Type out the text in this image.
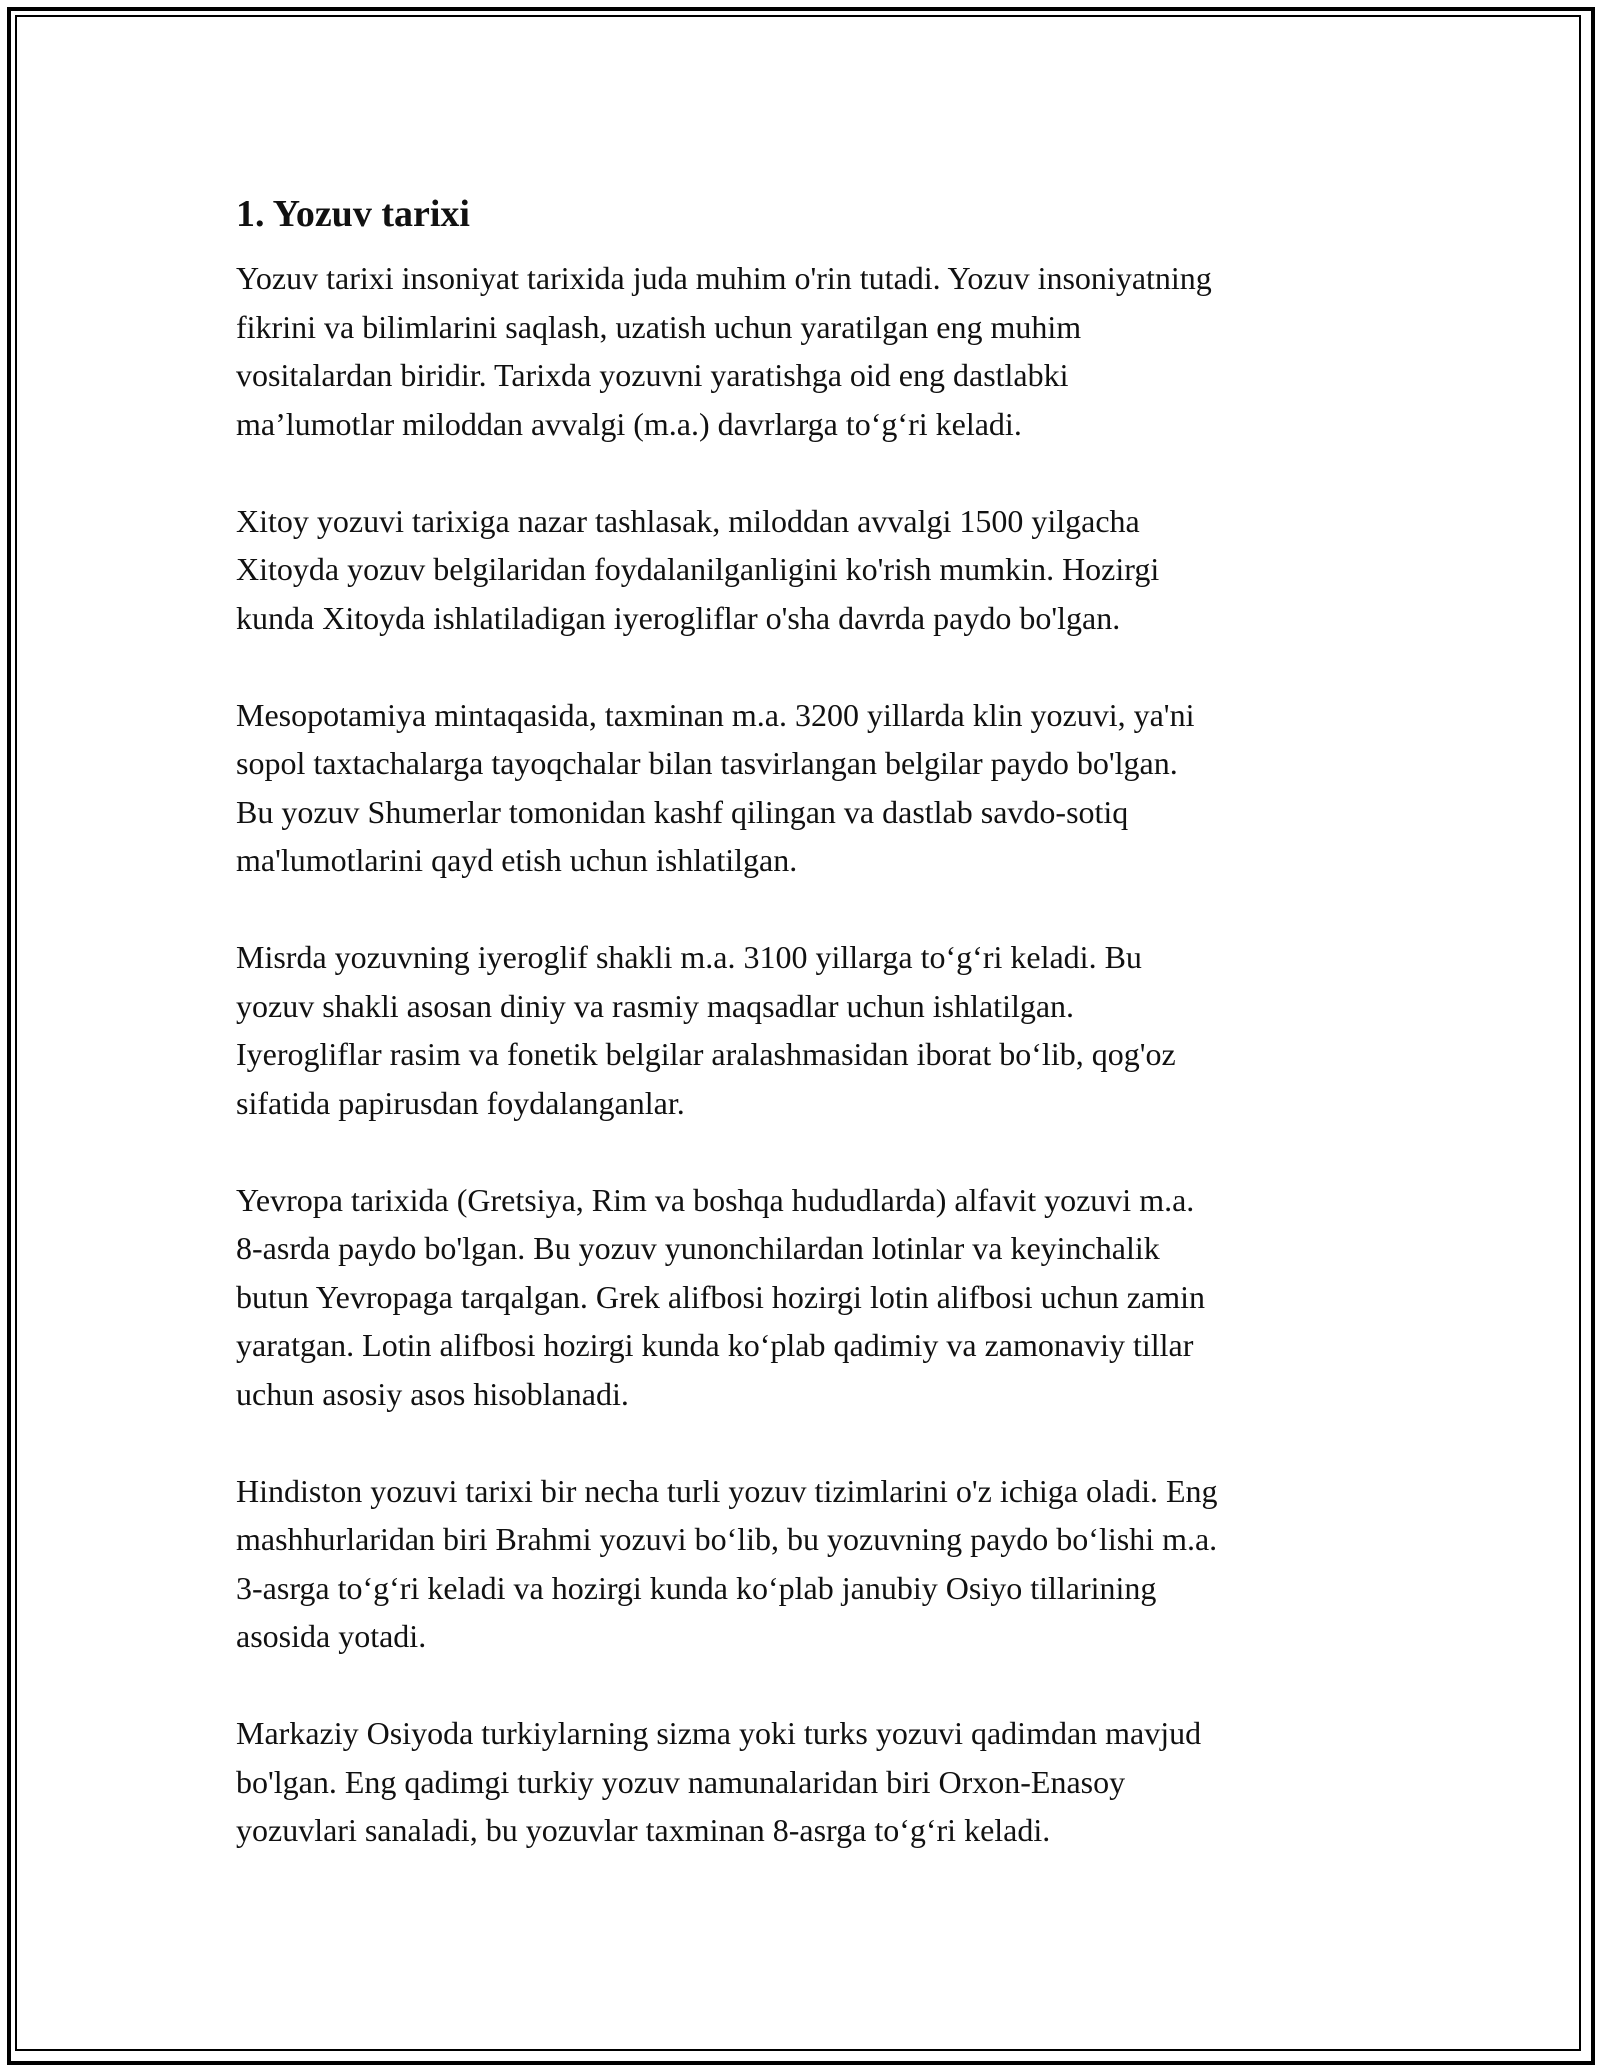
1. Yozuv tarixi
Yozuv tarixi insoniyat tarixida juda muhim o'rin tutadi. Yozuv insoniyatning
fikrini va bilimlarini saqlash, uzatish uchun yaratilgan eng muhim
vositalardan biridir. Tarixda yozuvni yaratishga oid eng dastlabki
ma’lumotlar miloddan avvalgi (m.a.) davrlarga to‘g‘ri keladi.
Xitoy yozuvi tarixiga nazar tashlasak, miloddan avvalgi 1500 yilgacha
Xitoyda yozuv belgilaridan foydalanilganligini ko'rish mumkin. Hozirgi
kunda Xitoyda ishlatiladigan iyerogliflar o'sha davrda paydo bo'lgan.
Mesopotamiya mintaqasida, taxminan m.a. 3200 yillarda klin yozuvi, ya'ni
sopol taxtachalarga tayoqchalar bilan tasvirlangan belgilar paydo bo'lgan.
Bu yozuv Shumerlar tomonidan kashf qilingan va dastlab savdo-sotiq
ma'lumotlarini qayd etish uchun ishlatilgan.
Misrda yozuvning iyeroglif shakli m.a. 3100 yillarga to‘g‘ri keladi. Bu
yozuv shakli asosan diniy va rasmiy maqsadlar uchun ishlatilgan.
Iyerogliflar rasim va fonetik belgilar aralashmasidan iborat bo‘lib, qog'oz
sifatida papirusdan foydalanganlar.
Yevropa tarixida (Gretsiya, Rim va boshqa hududlarda) alfavit yozuvi m.a.
8-asrda paydo bo'lgan. Bu yozuv yunonchilardan lotinlar va keyinchalik
butun Yevropaga tarqalgan. Grek alifbosi hozirgi lotin alifbosi uchun zamin
yaratgan. Lotin alifbosi hozirgi kunda ko‘plab qadimiy va zamonaviy tillar
uchun asosiy asos hisoblanadi.
Hindiston yozuvi tarixi bir necha turli yozuv tizimlarini o'z ichiga oladi. Eng
mashhurlaridan biri Brahmi yozuvi bo‘lib, bu yozuvning paydo bo‘lishi m.a.
3-asrga to‘g‘ri keladi va hozirgi kunda ko‘plab janubiy Osiyo tillarining
asosida yotadi.
Markaziy Osiyoda turkiylarning sizma yoki turks yozuvi qadimdan mavjud
bo'lgan. Eng qadimgi turkiy yozuv namunalaridan biri Orxon-Enasoy
yozuvlari sanaladi, bu yozuvlar taxminan 8-asrga to‘g‘ri keladi.
